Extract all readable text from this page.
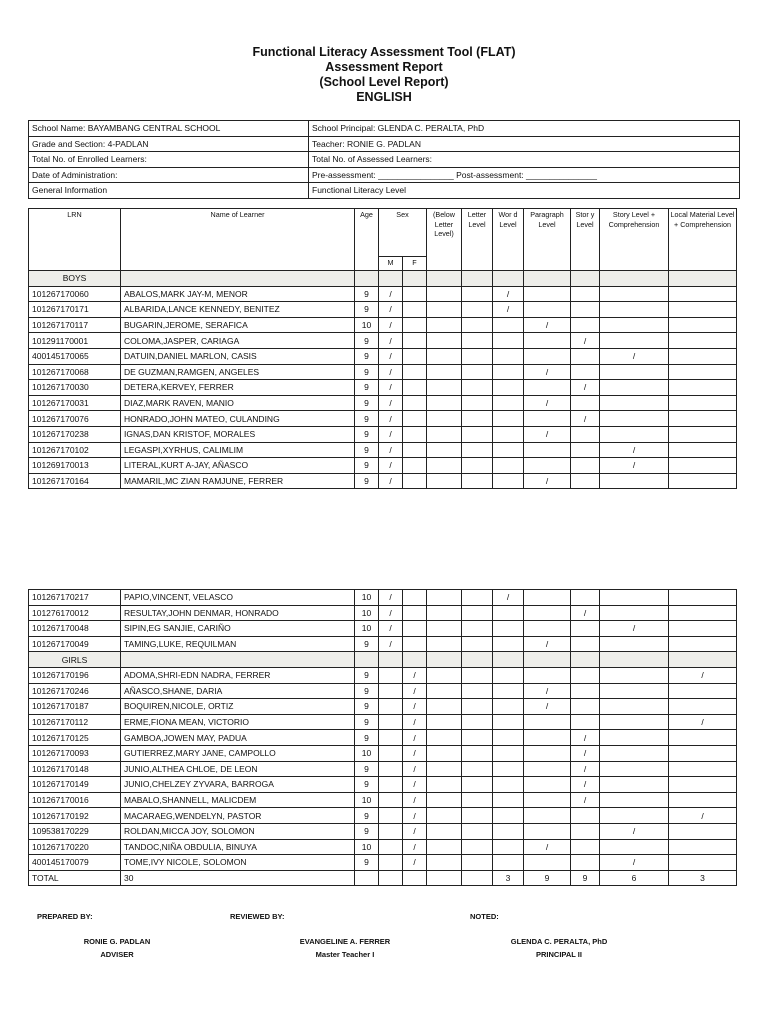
Functional Literacy Assessment Tool (FLAT)
Assessment Report
(School Level Report)
ENGLISH
School Name: BAYAMBANG CENTRAL SCHOOL	School Principal: GLENDA C. PERALTA, PhD
Grade and Section: 4-PADLAN	Teacher: RONIE G. PADLAN
Total No. of Enrolled Learners:	Total No. of Assessed Learners:
Date of Administration:	Pre-assessment: ________________ Post-assessment: _______________
General Information	Functional Literacy Level
LRN	Name of Learner	Age	Sex		(Below Letter Level)	Letter Level	Wor d Level	Paragraph Level	Stor y Level	Story Level + Comprehension	Local Material Level + Comprehension
			M	F							
BOYS											
101267170060	ABALOS,MARK JAY-M, MENOR	9	/				/				
101267170171	ALBARIDA,LANCE KENNEDY, BENITEZ	9	/				/				
101267170117	BUGARIN,JEROME, SERAFICA	10	/					/			
101291170001	COLOMA,JASPER, CARIAGA	9	/						/		
400145170065	DATUIN,DANIEL MARLON, CASIS	9	/							/	
101267170068	DE GUZMAN,RAMGEN, ANGELES	9	/					/			
101267170030	DETERA,KERVEY, FERRER	9	/						/		
101267170031	DIAZ,MARK RAVEN, MANIO	9	/					/			
101267170076	HONRADO,JOHN MATEO, CULANDING	9	/						/		
101267170238	IGNAS,DAN KRISTOF, MORALES	9	/					/			
101267170102	LEGASPI,XYRHUS, CALIMLIM	9	/							/	
101269170013	LITERAL,KURT A-JAY, AÑASCO	9	/							/	
101267170164	MAMARIL,MC ZIAN RAMJUNE, FERRER	9	/					/			
101267170217	PAPIO,VINCENT, VELASCO	10	/				/				
101276170012	RESULTAY,JOHN DENMAR, HONRADO	10	/						/		
101267170048	SIPIN,EG SANJIE, CARIÑO	10	/							/	
101267170049	TAMING,LUKE, REQUILMAN	9	/					/			
GIRLS											
101267170196	ADOMA,SHRI-EDN NADRA, FERRER	9		/							/
101267170246	AÑASCO,SHANE, DARIA	9		/				/			
101267170187	BOQUIREN,NICOLE, ORTIZ	9		/				/			
101267170112	ERME,FIONA MEAN, VICTORIO	9		/							/
101267170125	GAMBOA,JOWEN MAY, PADUA	9		/					/		
101267170093	GUTIERREZ,MARY JANE, CAMPOLLO	10		/					/		
101267170148	JUNIO,ALTHEA CHLOE, DE LEON	9		/					/		
101267170149	JUNIO,CHELZEY ZYVARA, BARROGA	9		/					/		
101267170016	MABALO,SHANNELL, MALICDEM	10		/					/		
101267170192	MACARAEG,WENDELYN, PASTOR	9		/							/
109538170229	ROLDAN,MICCA JOY, SOLOMON	9		/						/	
101267170220	TANDOC,NIÑA OBDULIA, BINUYA	10		/				/			
400145170079	TOME,IVY NICOLE, SOLOMON	9		/						/	
TOTAL	30						3	9	9	6	3
PREPARED BY:	REVIEWED BY:	NOTED:
RONIE G. PADLAN
ADVISER
EVANGELINE A. FERRER
Master Teacher I
GLENDA C. PERALTA, PhD
PRINCIPAL II
